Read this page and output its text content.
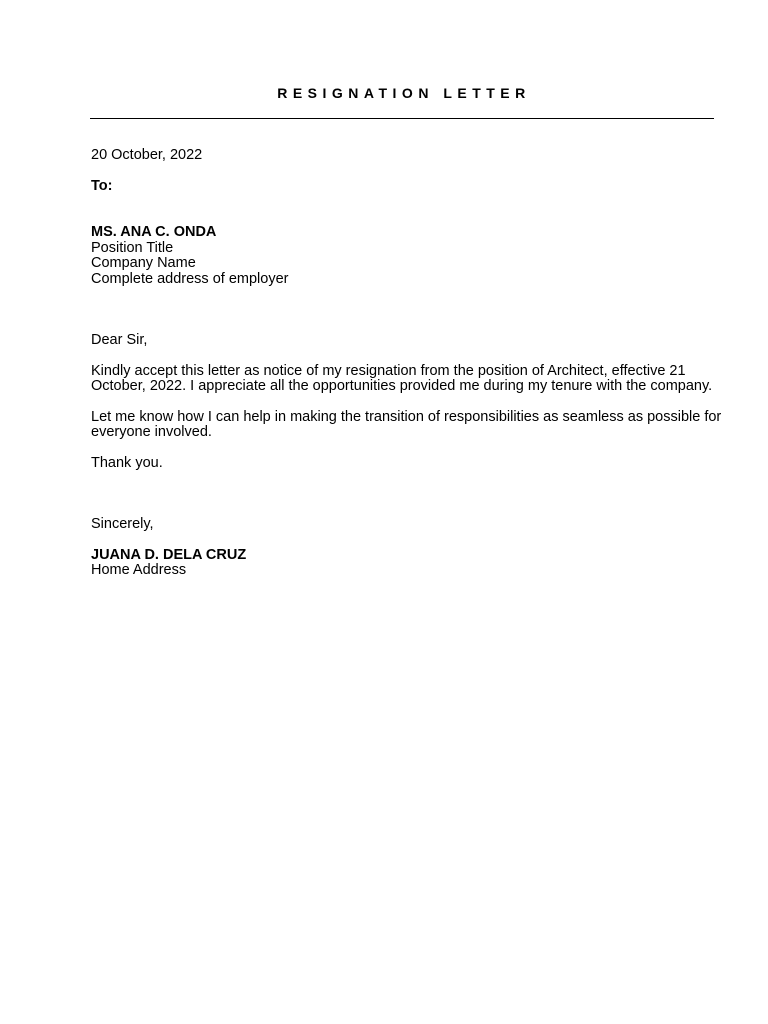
RESIGNATION LETTER

20 October, 2022

To:

MS. ANA C. ONDA
Position Title
Company Name
Complete address of employer

Dear Sir,

Kindly accept this letter as notice of my resignation from the position of Architect, effective 21
October, 2022. I appreciate all the opportunities provided me during my tenure with the company.

Let me know how I can help in making the transition of responsibilities as seamless as possible for
everyone involved.

Thank you.

Sincerely,

JUANA D. DELA CRUZ
Home Address
